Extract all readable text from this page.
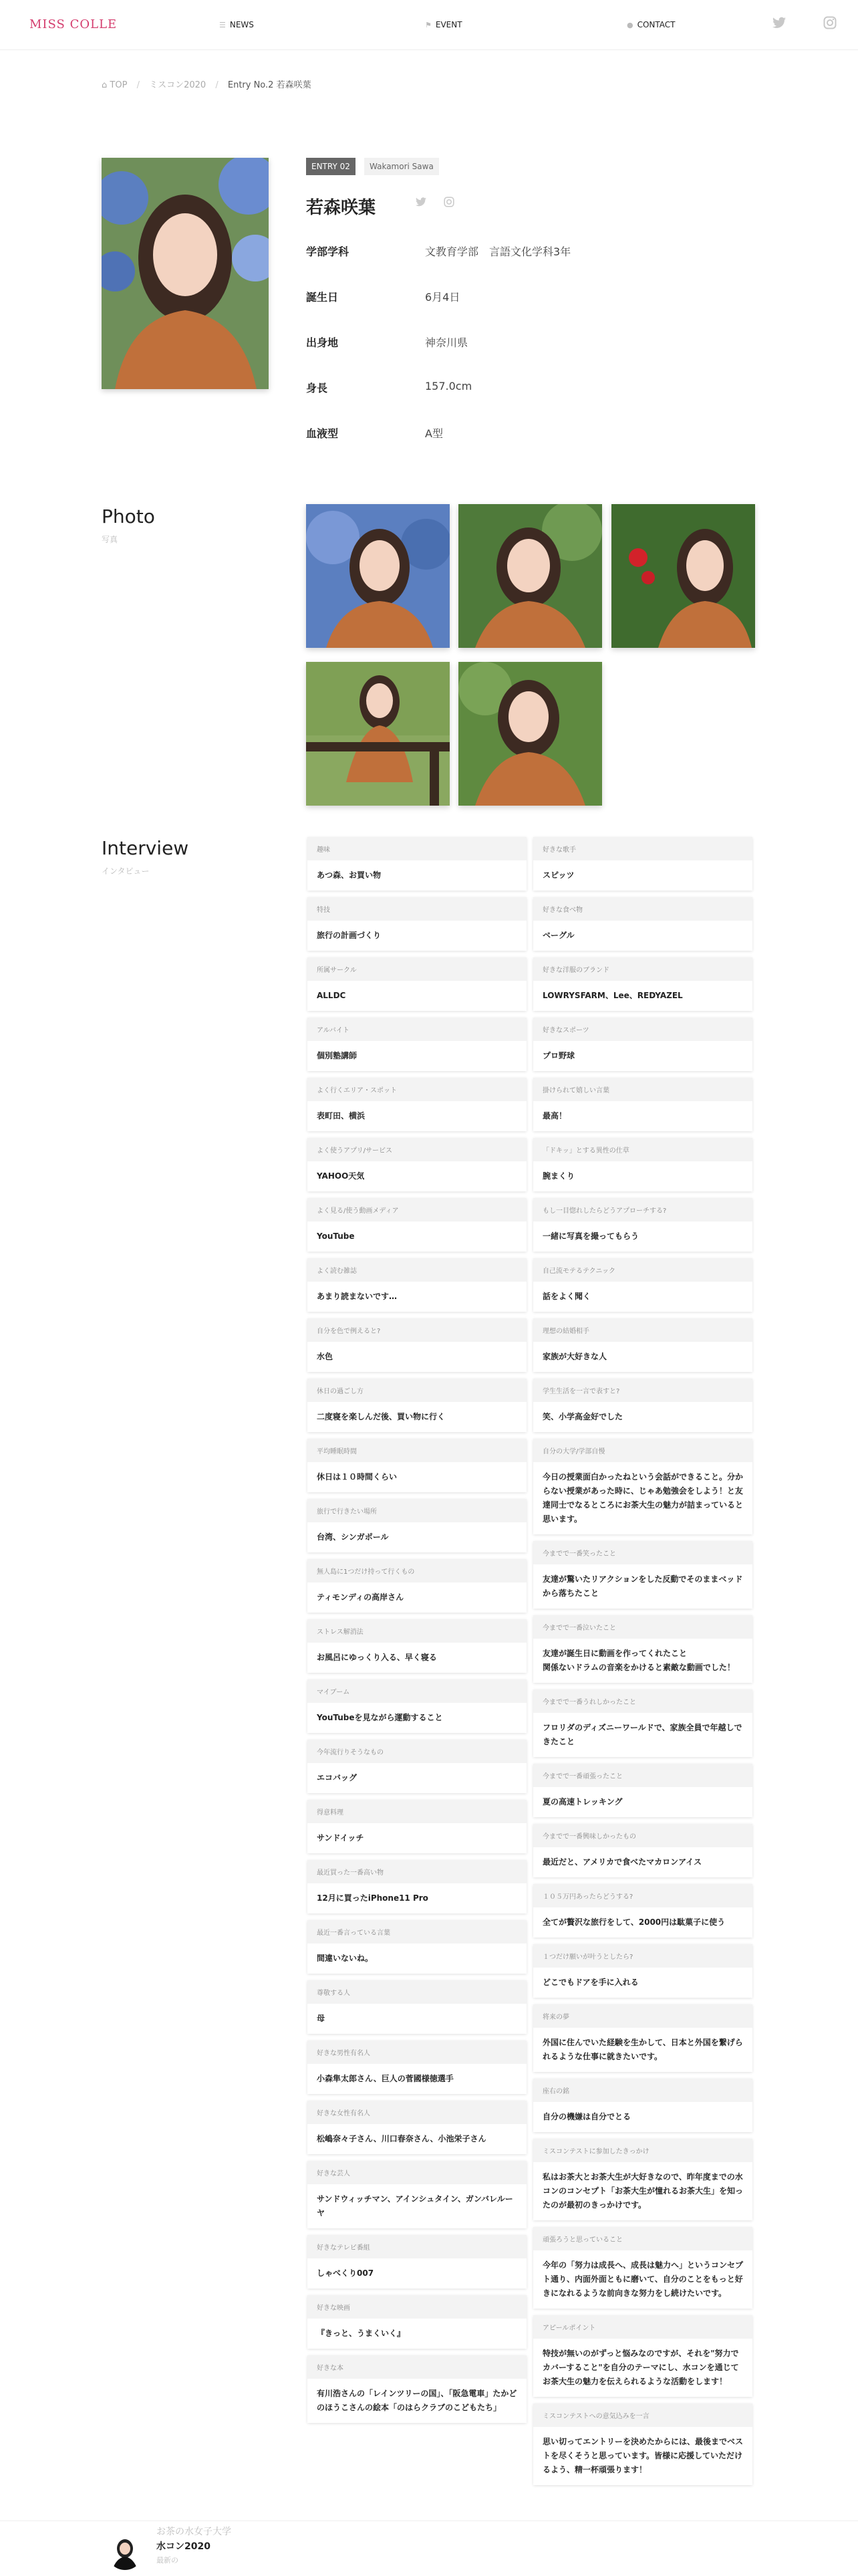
MISS COLLE	☰ NEWS	⚑ EVENT	● CONTACT
⌂ TOP / ミスコン2020 / Entry No.2 若森咲葉
ENTRY 02	Wakamori Sawa
若森咲葉
学部学科	文教育学部　言語文化学科3年
誕生日	6月4日
出身地	神奈川県
身長	157.0cm
血液型	A型
Photo
写真
Interview
インタビュー
趣味
あつ森、お買い物
特技
旅行の計画づくり
所属サークル
ALLDC
アルバイト
個別塾講師
よく行くエリア・スポット
表町田、横浜
よく使うアプリ/サービス
YAHOO天気
よく見る/使う動画メディア
YouTube
よく読む雑誌
あまり読まないです…
自分を色で例えると?
水色
休日の過ごし方
二度寝を楽しんだ後、買い物に行く
平均睡眠時間
休日は１０時間くらい
旅行で行きたい場所
台湾、シンガポール
無人島に1つだけ持って行くもの
ティモンディの高岸さん
ストレス解消法
お風呂にゆっくり入る、早く寝る
マイブーム
YouTubeを見ながら運動すること
今年流行りそうなもの
エコバッグ
得意料理
サンドイッチ
最近買った一番高い物
12月に買ったiPhone11 Pro
最近一番言っている言葉
間違いないね。
尊敬する人
母
好きな男性有名人
小森隼太郎さん、巨人の菅國様徳選手
好きな女性有名人
松嶋奈々子さん、川口春奈さん、小池栄子さん
好きな芸人
サンドウィッチマン、アインシュタイン、ガンバレルーヤ
好きなテレビ番組
しゃべくり007
好きな映画
『きっと、うまくいく』
好きな本
有川浩さんの「レインツリーの国」、「阪急電車」たかどのほうこさんの絵本「のはらクラブのこどもたち」
好きな歌手
スピッツ
好きな食べ物
ベーグル
好きな洋服のブランド
LOWRYSFARM、Lee、REDYAZEL
好きなスポーツ
プロ野球
掛けられて嬉しい言葉
最高！
「ドキッ」とする異性の仕草
腕まくり
もし一目惚れしたらどうアプローチする?
一緒に写真を撮ってもらう
自己流モテるテクニック
話をよく聞く
理想の結婚相手
家族が大好きな人
学生生活を一言で表すと?
笑、小学高金好でした
自分の大学/学部自慢
今日の授業面白かったねという会話ができること。分からない授業があった時に、じゃあ勉強会をしよう！と友達同士でなるところにお茶大生の魅力が詰まっていると思います。
今までで一番笑ったこと
友達が驚いたリアクションをした反動でそのままベッドから落ちたこと
今までで一番泣いたこと
友達が誕生日に動画を作ってくれたこと
関係ないドラムの音楽をかけると素敵な動画でした！
今までで一番うれしかったこと
フロリダのディズニーワールドで、家族全員で年越しできたこと
今までで一番頑張ったこと
夏の高速トレッキング
今までで一番興味しかったもの
最近だと、アメリカで食べたマカロンアイス
１０５万円あったらどうする?
全てが贅沢な旅行をして、2000円は駄菓子に使う
１つだけ願いが叶うとしたら?
どこでもドアを手に入れる
将来の夢
外国に住んでいた経験を生かして、日本と外国を繋げられるような仕事に就きたいです。
座右の銘
自分の機嫌は自分でとる
ミスコンテストに参加したきっかけ
私はお茶大とお茶大生が大好きなので、昨年度までの水コンのコンセプト「お茶大生が憧れるお茶大生」を知ったのが最初のきっかけです。
頑張ろうと思っていること
今年の「努力は成長へ、成長は魅力へ」というコンセプト通り、内面外面ともに磨いて、自分のことをもっと好きになれるような前向きな努力をし続けたいです。
アピールポイント
特技が無いのがずっと悩みなのですが、それを"努力でカバーすること"を自分のテーマにし、水コンを通じてお茶大生の魅力を伝えられるような活動をします！
ミスコンテストへの意気込みを一言
思い切ってエントリーを決めたからには、最後までベストを尽くそうと思っています。皆様に応援していただけるよう、精一杯頑張ります！
お茶の水女子大学
水コン2020
最新の
